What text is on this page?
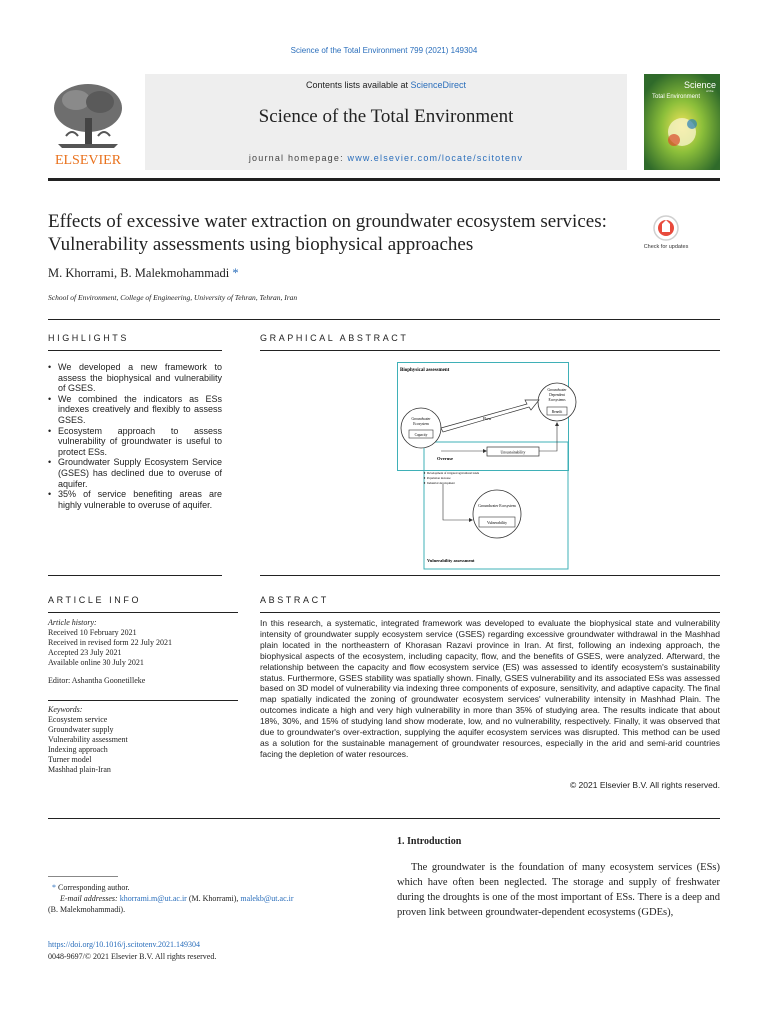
Science of the Total Environment 799 (2021) 149304
ELSEVIER
Contents lists available at ScienceDirect
Science of the Total Environment
journal homepage: www.elsevier.com/locate/scitotenv
Science
of the
Total Environment
Effects of excessive water extraction on groundwater ecosystem services:
Vulnerability assessments using biophysical approaches	Check for updates
M. Khorrami, B. Malekmohammadi *
School of Environment, College of Engineering, University of Tehran, Tehran, Iran
HIGHLIGHTS
• We developed a new framework to assess the biophysical and vulnerability of GSES.
• We combined the indicators as ESs indexes creatively and flexibly to assess GSES.
• Ecosystem approach to assess vulnerability of groundwater is useful to protect ESs.
• Groundwater Supply Ecosystem Service (GSES) has declined due to overuse of aquifer.
• 35% of service benefiting areas are highly vulnerable to overuse of aquifer.
GRAPHICAL ABSTRACT
Biophysical assessment
Groundwater
Dependent
Ecosystems
Benefit
Groundwater
Ecosystem
Capacity
Flow
Unsustainability
Overuse
Development of irrigated agricultural lands
Population increase
Industrial development
Groundwater Ecosystem
Vulnerability
Vulnerability assessment
ARTICLE INFO
Article history:
Received 10 February 2021
Received in revised form 22 July 2021
Accepted 23 July 2021
Available online 30 July 2021
Editor: Ashantha Goonetilleke
Keywords:
Ecosystem service
Groundwater supply
Vulnerability assessment
Indexing approach
Turner model
Mashhad plain-Iran
ABSTRACT
In this research, a systematic, integrated framework was developed to evaluate the biophysical state and vulnerability intensity of groundwater supply ecosystem service (GSES) regarding excessive groundwater withdrawal in the Mashhad plain located in the northeastern of Khorasan Razavi province in Iran. At first, following an indexing approach, the biophysical aspects of the ecosystem, including capacity, flow, and the benefits of GSES, were analyzed. Afterward, the relationship between the capacity and flow ecosystem service (ES) was assessed to identify ecosystem's sustainability status. Furthermore, GSES stability was spatially shown. Finally, GSES vulnerability and its associated ESs was assessed based on 3D model of vulnerability via indexing three components of exposure, sensitivity, and adaptive capacity. The final map spatially indicated the zoning of groundwater ecosystem services' vulnerability intensity in Mashhad Plain. The outcomes indicate a high and very high vulnerability in more than 35% of studying area. The results indicate that about 18%, 30%, and 15% of studying land show moderate, low, and no vulnerability, respectively. Finally, it was observed that due to groundwater's over-extraction, supplying the aquifer ecosystem services was disrupted. This method can be used as a solution for the sustainable management of groundwater resources, especially in the arid and semi-arid countries facing the depletion of water resources.
© 2021 Elsevier B.V. All rights reserved.
1. Introduction
The groundwater is the foundation of many ecosystem services (ESs) which have often been neglected. The storage and supply of freshwater during the droughts is one of the most important of ESs. There is a deep and proven link between groundwater-dependent ecosystems (GDEs),
* Corresponding author.
E-mail addresses: khorrami.m@ut.ac.ir (M. Khorrami), malekb@ut.ac.ir
(B. Malekmohammadi).
https://doi.org/10.1016/j.scitotenv.2021.149304
0048-9697/© 2021 Elsevier B.V. All rights reserved.
